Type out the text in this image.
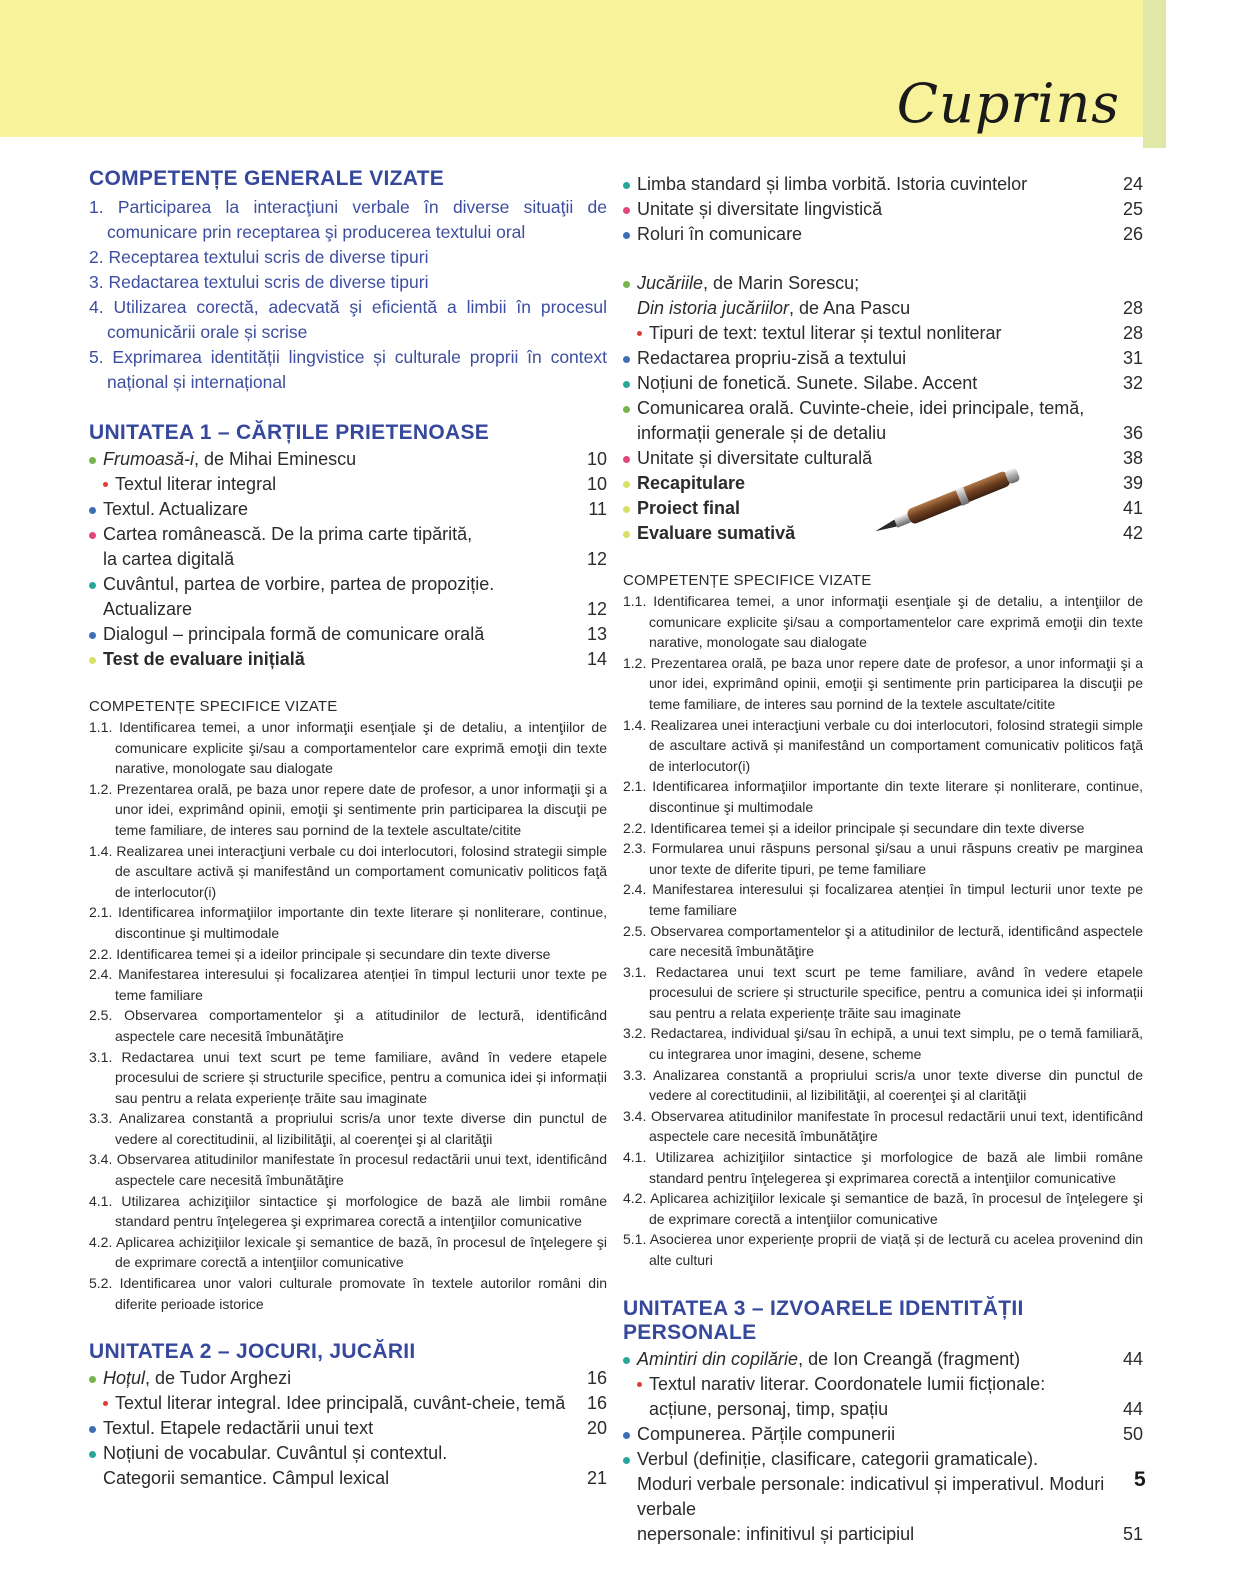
Cuprins
COMPETENȚE GENERALE VIZATE
1. Participarea la interacţiuni verbale în diverse situaţii de comunicare prin receptarea şi producerea textului oral
2. Receptarea textului scris de diverse tipuri
3. Redactarea textului scris de diverse tipuri
4. Utilizarea corectă, adecvată şi eficientă a limbii în procesul comunicării orale și scrise
5. Exprimarea identității lingvistice și culturale proprii în context național și internațional
UNITATEA 1 – CĂRȚILE PRIETENOASE
Frumoasă-i, de Mihai Eminescu	10
Textul literar integral	10
Textul. Actualizare	11
Cartea românească. De la prima carte tipărită,
la cartea digitală	12
Cuvântul, partea de vorbire, partea de propoziție.
Actualizare	12
Dialogul – principala formă de comunicare orală	13
Test de evaluare inițială	14
COMPETENȚE SPECIFICE VIZATE
1.1. Identificarea temei, a unor informaţii esenţiale şi de detaliu, a intenţiilor de comunicare explicite şi/sau a comportamentelor care exprimă emoţii din texte narative, monologate sau dialogate
1.2. Prezentarea orală, pe baza unor repere date de profesor, a unor informaţii şi a unor idei, exprimând opinii, emoţii şi sentimente prin participarea la discuţii pe teme familiare, de interes sau pornind de la textele ascultate/citite
1.4. Realizarea unei interacţiuni verbale cu doi interlocutori, folosind strategii simple de ascultare activă și manifestând un comportament comunicativ politicos faţă de interlocutor(i)
2.1. Identificarea informaţiilor importante din texte literare și nonliterare, continue, discontinue şi multimodale
2.2. Identificarea temei și a ideilor principale și secundare din texte diverse
2.4. Manifestarea interesului și focalizarea atenției în timpul lecturii unor texte pe teme familiare
2.5. Observarea comportamentelor şi a atitudinilor de lectură, identificând aspectele care necesită îmbunătăţire
3.1. Redactarea unui text scurt pe teme familiare, având în vedere etapele procesului de scriere și structurile specifice, pentru a comunica idei și informații sau pentru a relata experiențe trăite sau imaginate
3.3. Analizarea constantă a propriului scris/a unor texte diverse din punctul de vedere al corectitudinii, al lizibilităţii, al coerenţei şi al clarităţii
3.4. Observarea atitudinilor manifestate în procesul redactării unui text, identificând aspectele care necesită îmbunătăţire
4.1. Utilizarea achiziţiilor sintactice şi morfologice de bază ale limbii române standard pentru înţelegerea şi exprimarea corectă a intenţiilor comunicative
4.2. Aplicarea achiziţiilor lexicale şi semantice de bază, în procesul de înţelegere şi de exprimare corectă a intenţiilor comunicative
5.2. Identificarea unor valori culturale promovate în textele autorilor români din diferite perioade istorice
UNITATEA 2 – JOCURI, JUCĂRII
Hoțul, de Tudor Arghezi	16
Textul literar integral. Idee principală, cuvânt-cheie, temă	16
Textul. Etapele redactării unui text	20
Noțiuni de vocabular. Cuvântul și contextul.
Categorii semantice. Câmpul lexical	21
Limba standard și limba vorbită. Istoria cuvintelor	24
Unitate și diversitate lingvistică	25
Roluri în comunicare	26
Jucăriile, de Marin Sorescu;
Din istoria jucăriilor, de Ana Pascu	28
Tipuri de text: textul literar și textul nonliterar	28
Redactarea propriu-zisă a textului	31
Noțiuni de fonetică. Sunete. Silabe. Accent	32
Comunicarea orală. Cuvinte-cheie, idei principale, temă,
informații generale și de detaliu	36
Unitate și diversitate culturală	38
Recapitulare	39
Proiect final	41
Evaluare sumativă	42
COMPETENȚE SPECIFICE VIZATE
1.1. Identificarea temei, a unor informaţii esenţiale şi de detaliu, a intenţiilor de comunicare explicite şi/sau a comportamentelor care exprimă emoţii din texte narative, monologate sau dialogate
1.2. Prezentarea orală, pe baza unor repere date de profesor, a unor informaţii şi a unor idei, exprimând opinii, emoţii şi sentimente prin participarea la discuţii pe teme familiare, de interes sau pornind de la textele ascultate/citite
1.4. Realizarea unei interacţiuni verbale cu doi interlocutori, folosind strategii simple de ascultare activă și manifestând un comportament comunicativ politicos faţă de interlocutor(i)
2.1. Identificarea informaţiilor importante din texte literare și nonliterare, continue, discontinue şi multimodale
2.2. Identificarea temei și a ideilor principale și secundare din texte diverse
2.3. Formularea unui răspuns personal şi/sau a unui răspuns creativ pe marginea unor texte de diferite tipuri, pe teme familiare
2.4. Manifestarea interesului și focalizarea atenției în timpul lecturii unor texte pe teme familiare
2.5. Observarea comportamentelor şi a atitudinilor de lectură, identificând aspectele care necesită îmbunătăţire
3.1. Redactarea unui text scurt pe teme familiare, având în vedere etapele procesului de scriere și structurile specifice, pentru a comunica idei și informații sau pentru a relata experiențe trăite sau imaginate
3.2. Redactarea, individual şi/sau în echipă, a unui text simplu, pe o temă familiară, cu integrarea unor imagini, desene, scheme
3.3. Analizarea constantă a propriului scris/a unor texte diverse din punctul de vedere al corectitudinii, al lizibilităţii, al coerenţei şi al clarităţii
3.4. Observarea atitudinilor manifestate în procesul redactării unui text, identificând aspectele care necesită îmbunătăţire
4.1. Utilizarea achiziţiilor sintactice şi morfologice de bază ale limbii române standard pentru înţelegerea şi exprimarea corectă a intenţiilor comunicative
4.2. Aplicarea achiziţiilor lexicale şi semantice de bază, în procesul de înţelegere şi de exprimare corectă a intenţiilor comunicative
5.1. Asocierea unor experiențe proprii de viață și de lectură cu acelea provenind din alte culturi
UNITATEA 3 – IZVOARELE IDENTITĂȚII PERSONALE
Amintiri din copilărie, de Ion Creangă (fragment)	44
Textul narativ literar. Coordonatele lumii ficționale:
acțiune, personaj, timp, spațiu	44
Compunerea. Părțile compunerii	50
Verbul (definiție, clasificare, categorii gramaticale).
Moduri verbale personale: indicativul și imperativul. Moduri verbale
nepersonale: infinitivul și participiul	51
5
